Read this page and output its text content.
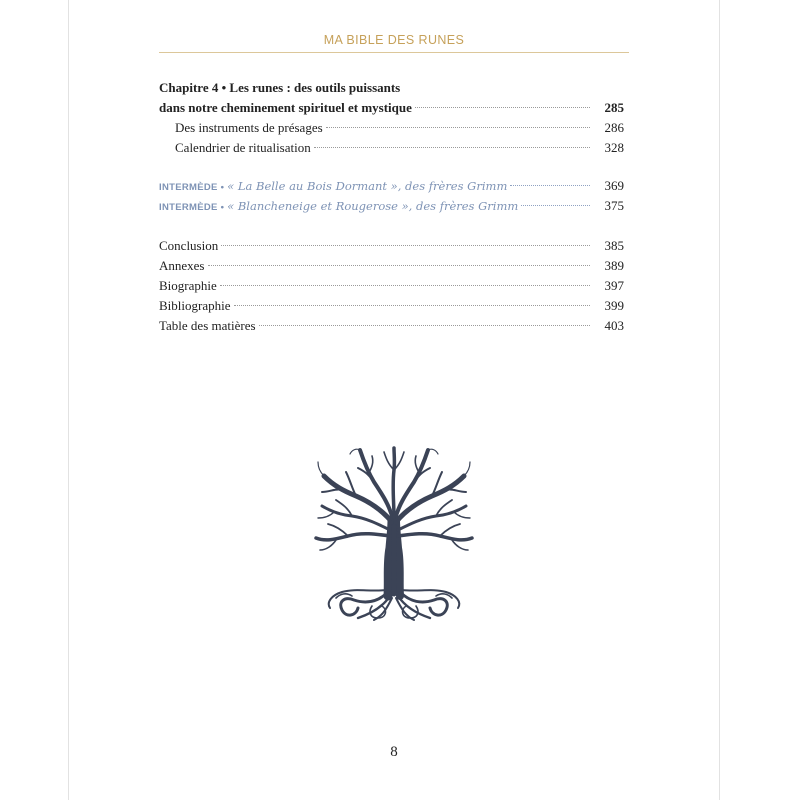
MA BIBLE DES RUNES
Chapitre 4 • Les runes : des outils puissants
dans notre cheminement spirituel et mystique	285
Des instruments de présages	286
Calendrier de ritualisation	328
INTERMÈDE • « La Belle au Bois Dormant », des frères Grimm	369
INTERMÈDE • « Blancheneige et Rougerose », des frères Grimm	375
Conclusion	385
Annexes	389
Biographie	397
Bibliographie	399
Table des matières	403
8
